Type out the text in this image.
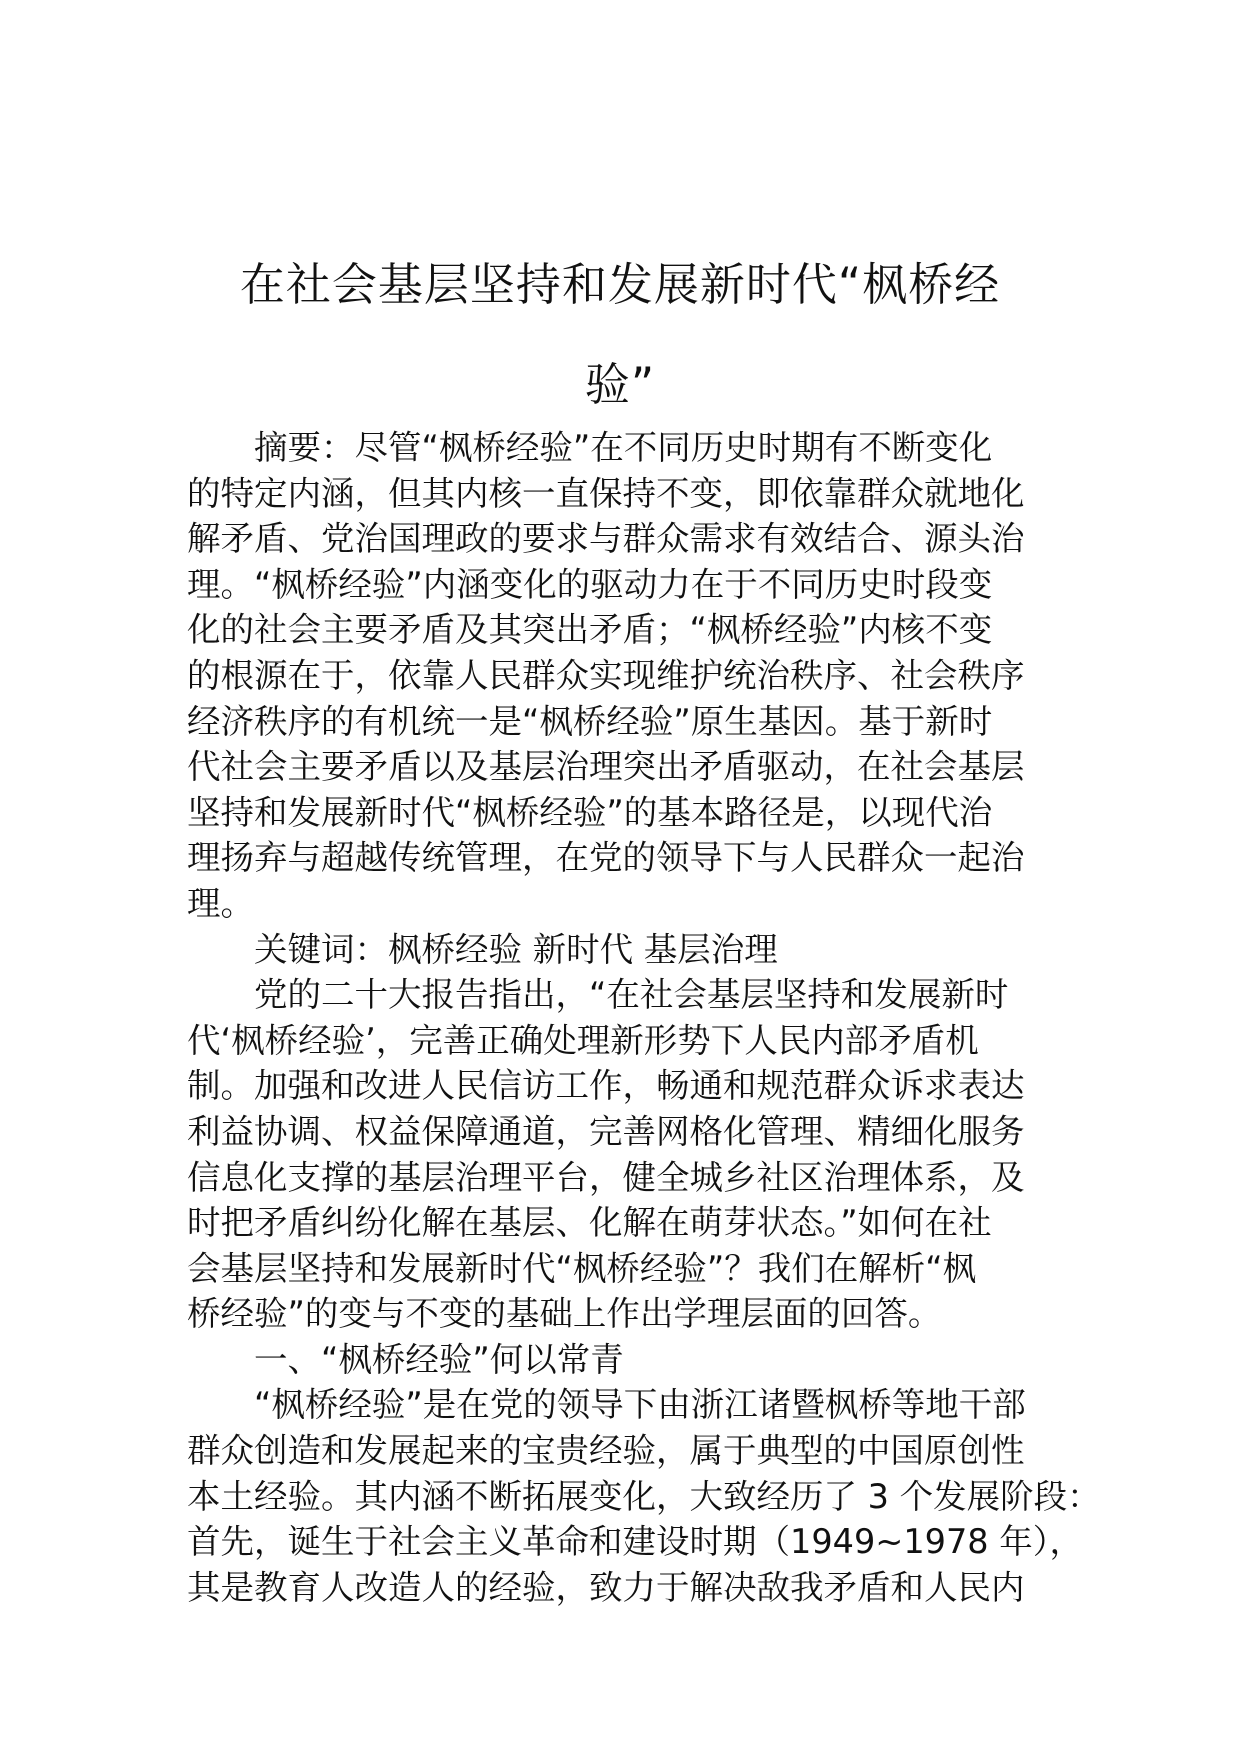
在社会基层坚持和发展新时代“枫桥经
验”
摘要：尽管“枫桥经验”在不同历史时期有不断变化
的特定内涵，但其内核一直保持不变，即依靠群众就地化
解矛盾、党治国理政的要求与群众需求有效结合、源头治
理。“枫桥经验”内涵变化的驱动力在于不同历史时段变
化的社会主要矛盾及其突出矛盾；“枫桥经验”内核不变
的根源在于，依靠人民群众实现维护统治秩序、社会秩序
经济秩序的有机统一是“枫桥经验”原生基因。基于新时
代社会主要矛盾以及基层治理突出矛盾驱动，在社会基层
坚持和发展新时代“枫桥经验”的基本路径是，以现代治
理扬弃与超越传统管理，在党的领导下与人民群众一起治
理。
关键词：枫桥经验 新时代 基层治理
党的二十大报告指出，“在社会基层坚持和发展新时
代‘枫桥经验’，完善正确处理新形势下人民内部矛盾机
制。加强和改进人民信访工作，畅通和规范群众诉求表达
利益协调、权益保障通道，完善网格化管理、精细化服务
信息化支撑的基层治理平台，健全城乡社区治理体系，及
时把矛盾纠纷化解在基层、化解在萌芽状态。”如何在社
会基层坚持和发展新时代“枫桥经验”？我们在解析“枫
桥经验”的变与不变的基础上作出学理层面的回答。
一、“枫桥经验”何以常青
“枫桥经验”是在党的领导下由浙江诸暨枫桥等地干部
群众创造和发展起来的宝贵经验，属于典型的中国原创性
本土经验。其内涵不断拓展变化，大致经历了 3 个发展阶段：
首先，诞生于社会主义革命和建设时期（1949~1978 年），
其是教育人改造人的经验，致力于解决敌我矛盾和人民内
